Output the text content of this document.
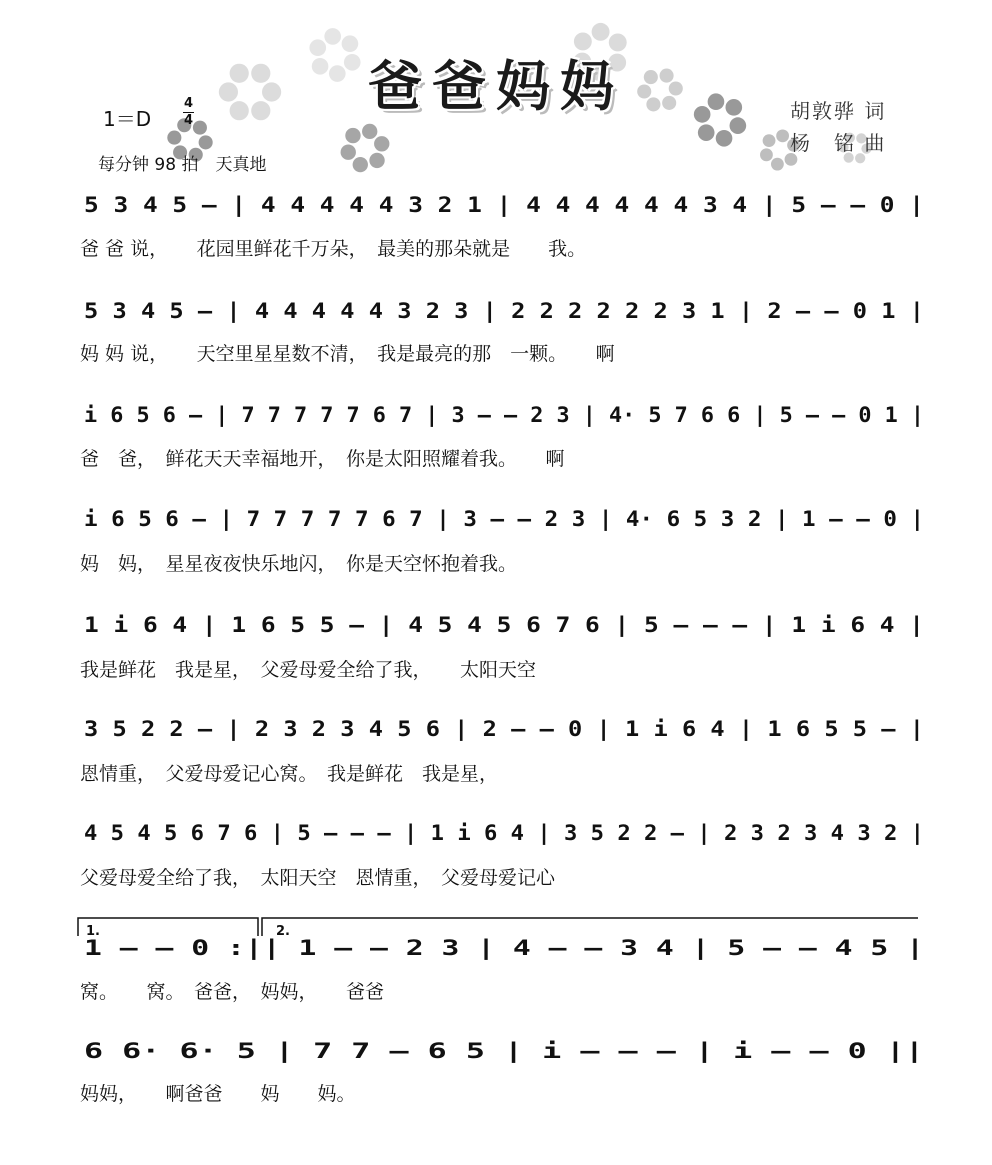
爸爸妈妈
1＝D
4
4
每分钟 98 拍　天真地
胡敦骅 词
杨　铭 曲
1.	2.
5 3 4 5 – | 4 4 4 4 4 3 2 1 | 4 4 4 4 4 4 3 4 | 5 – – 0 |
爸 爸 说，　　花园里鲜花千万朵，　最美的那朵就是　　我。
5 3 4 5 – | 4 4 4 4 4 3 2 3 | 2 2 2 2 2 2 3 1 | 2 – – 0 1 |
妈 妈 说，　　天空里星星数不清，　我是最亮的那　一颗。　　啊
i 6 5 6 – | 7 7 7 7 7 6 7 | 3 – – 2 3 | 4· 5 7 6 6 | 5 – – 0 1 |
爸　爸，　鲜花天天幸福地开，　你是太阳照耀着我。　　啊
i 6 5 6 – | 7 7 7 7 7 6 7 | 3 – – 2 3 | 4· 6 5 3 2 | 1 – – 0 |
妈　妈，　星星夜夜快乐地闪，　你是天空怀抱着我。
1 i 6 4 | 1 6 5 5 – | 4 5 4 5 6 7 6 | 5 – – – | 1 i 6 4 |
我是鲜花　我是星，　父爱母爱全给了我，　　太阳天空
3 5 2 2 – | 2 3 2 3 4 5 6 | 2 – – 0 | 1 i 6 4 | 1 6 5 5 – |
恩情重，　父爱母爱记心窝。　我是鲜花　我是星，
4 5 4 5 6 7 6 | 5 – – – | 1 i 6 4 | 3 5 2 2 – | 2 3 2 3 4 3 2 |
父爱母爱全给了我，　太阳天空　恩情重，　父爱母爱记心
1 – – 0 :|| 1 – – 2 3 | 4 – – 3 4 | 5 – – 4 5 |
窝。　　窝。　爸爸，　妈妈，　　爸爸
6 6· 6· 5 | 7 7 – 6 5 | i – – – | i – – 0 ||
妈妈，　　啊爸爸　　妈　　妈。
